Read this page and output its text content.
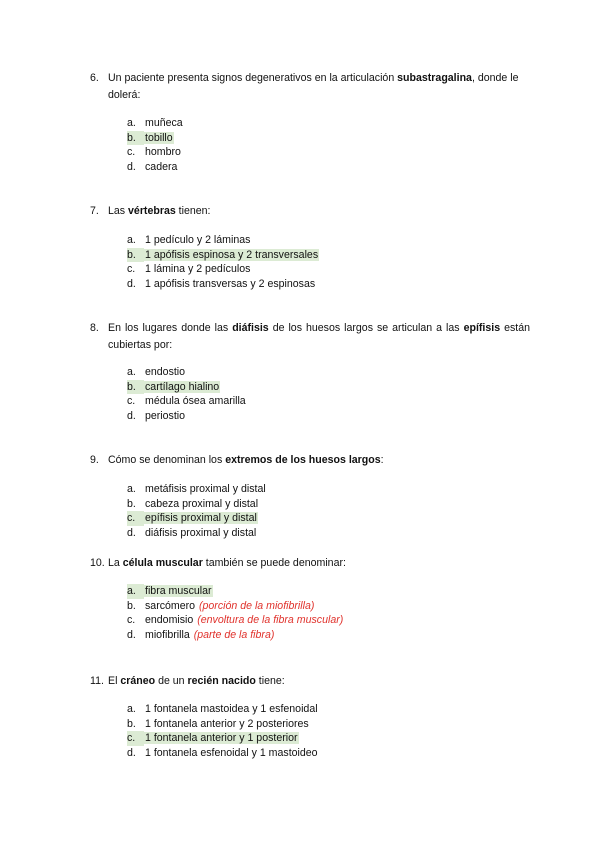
6. Un paciente presenta signos degenerativos en la articulación subastragalina, donde le dolerá:
a. muñeca
b. tobillo
c. hombro
d. cadera
7. Las vértebras tienen:
a. 1 pedículo y 2 láminas
b. 1 apófisis espinosa y 2 transversales
c. 1 lámina y 2 pedículos
d. 1 apófisis transversas y 2 espinosas
8. En los lugares donde las diáfisis de los huesos largos se articulan a las epífisis están cubiertas por:
a. endostio
b. cartílago hialino
c. médula ósea amarilla
d. periostio
9. Cómo se denominan los extremos de los huesos largos:
a. metáfisis proximal y distal
b. cabeza proximal y distal
c. epífisis proximal y distal
d. diáfisis proximal y distal
10. La célula muscular también se puede denominar:
a. fibra muscular
b. sarcómero (porción de la miofibrilla)
c. endomisio (envoltura de la fibra muscular)
d. miofibrilla (parte de la fibra)
11. El cráneo de un recién nacido tiene:
a. 1 fontanela mastoidea y 1 esfenoidal
b. 1 fontanela anterior y 2 posteriores
c. 1 fontanela anterior y 1 posterior
d. 1 fontanela esfenoidal y 1 mastoideo
